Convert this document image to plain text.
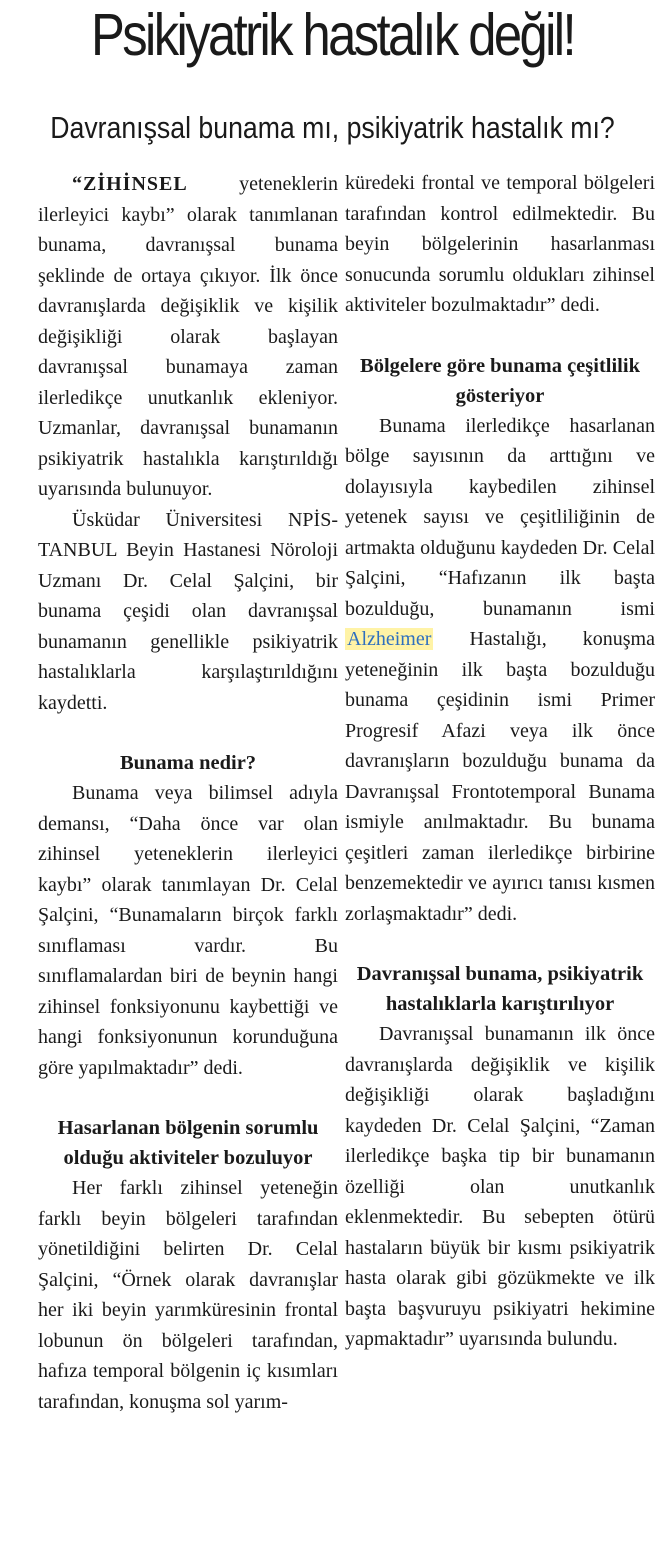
Psikiyatrik hastalık değil!
Davranışsal bunama mı, psikiyatrik hastalık mı?

“ZİHİNSEL yeteneklerin ilerleyici kaybı” olarak tanımlanan bunama, davranışsal bunama şeklinde de ortaya çıkıyor. İlk önce davranışlarda değişiklik ve kişilik değişikliği olarak başlayan davranışsal bunamaya zaman ilerledikçe unutkanlık ekleniyor. Uzmanlar, davranışsal bunamanın psikiyatrik hastalıkla karıştırıldığı uyarısında bulunuyor.

Üsküdar Üniversitesi NPİSTANBUL Beyin Hastanesi Nöroloji Uzmanı Dr. Celal Şalçini, bir bunama çeşidi olan davranışsal bunamanın genellikle psikiyatrik hastalıklarla karşılaştırıldığını kaydetti.

Bunama nedir?

Bunama veya bilimsel adıyla demansı, “Daha önce var olan zihinsel yeteneklerin ilerleyici kaybı” olarak tanımlayan Dr. Celal Şalçini, “Bunamaların birçok farklı sınıflaması vardır. Bu sınıflamalardan biri de beynin hangi zihinsel fonksiyonunu kaybettiği ve hangi fonksiyonunun korunduğuna göre yapılmaktadır” dedi.

Hasarlanan bölgenin sorumlu olduğu aktiviteler bozuluyor

Her farklı zihinsel yeteneğin farklı beyin bölgeleri tarafından yönetildiğini belirten Dr. Celal Şalçini, “Örnek olarak davranışlar her iki beyin yarımküresinin frontal lobunun ön bölgeleri tarafından, hafıza temporal bölgenin iç kısımları tarafından, konuşma sol yarım-

küredeki frontal ve temporal bölgeleri tarafından kontrol edilmektedir. Bu beyin bölgelerinin hasarlanması sonucunda sorumlu oldukları zihinsel aktiviteler bozulmaktadır” dedi.

Bölgelere göre bunama çeşitlilik gösteriyor

Bunama ilerledikçe hasarlanan bölge sayısının da arttığını ve dolayısıyla kaybedilen zihinsel yetenek sayısı ve çeşitliliğinin de artmakta olduğunu kaydeden Dr. Celal Şalçini, “Hafızanın ilk başta bozulduğu, bunamanın ismi Alzheimer Hastalığı, konuşma yeteneğinin ilk başta bozulduğu bunama çeşidinin ismi Primer Progresif Afazi veya ilk önce davranışların bozulduğu bunama da Davranışsal Frontotemporal Bunama ismiyle anılmaktadır. Bu bunama çeşitleri zaman ilerledikçe birbirine benzemektedir ve ayırıcı tanısı kısmen zorlaşmaktadır” dedi.

Davranışsal bunama, psikiyatrik hastalıklarla karıştırılıyor

Davranışsal bunamanın ilk önce davranışlarda değişiklik ve kişilik değişikliği olarak başladığını kaydeden Dr. Celal Şalçini, “Zaman ilerledikçe başka tip bir bunamanın özelliği olan unutkanlık eklenmektedir. Bu sebepten ötürü hastaların büyük bir kısmı psikiyatrik hasta olarak gibi gözükmekte ve ilk başta başvuruyu psikiyatri hekimine yapmaktadır” uyarısında bulundu.
